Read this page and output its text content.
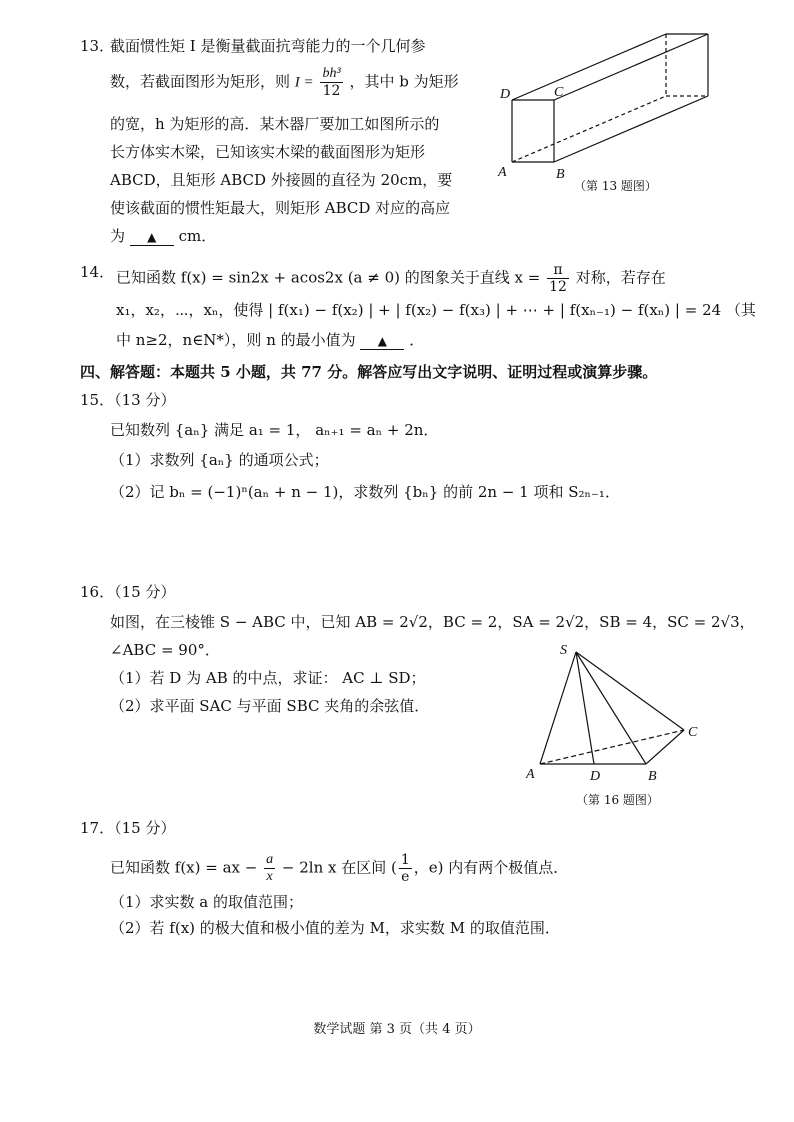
13．
截面惯性矩 I 是衡量截面抗弯能力的一个几何参
数，若截面图形为矩形，则 $I = \frac{\text{bh³}}{12}$ ，其中 b 为矩形
的宽，h 为矩形的高．某木器厂要加工如图所示的
长方体实木梁，已知该实木梁的截面图形为矩形
ABCD，且矩形 ABCD 外接圆的直径为 20cm，要
使该截面的惯性矩最大，则矩形 ABCD 对应的高应
为 ▲ cm．
D	C
A	B
（第 13 题图）
14． 已知函数 f(x) = sin2x + acos2x (a ≠ 0) 的图象关于直线 $x = \frac{\pi}{12}$ 对称，若存在
x₁，x₂，⋯，xₙ，使得 | f(x₁) − f(x₂) | + | f(x₂) − f(x₃) | + ⋯ + | f(xₙ₋₁) − f(xₙ) | = 24 （其
中 n≥2，n∈N*），则 n 的最小值为 ▲ ．
四、解答题：本题共 5 小题，共 77 分。解答应写出文字说明、证明过程或演算步骤。
15．（13 分）
已知数列 {aₙ} 满足 a₁ = 1， aₙ₊₁ = aₙ + 2n．
（1）求数列 {aₙ} 的通项公式；
（2）记 bₙ = (−1)ⁿ(aₙ + n − 1)，求数列 {bₙ} 的前 2n − 1 项和 S₂ₙ₋₁．
16．（15 分）
如图，在三棱锥 S − ABC 中，已知 AB = 2√2，BC = 2，SA = 2√2，SB = 4，SC = 2√3，
∠ABC = 90°．
（1）若 D 为 AB 的中点，求证： AC ⊥ SD；
（2）求平面 SAC 与平面 SBC 夹角的余弦值．
S
A	D	B
C
（第 16 题图）
17．（15 分）
已知函数 f(x) = ax − $\frac{a}{x} - 2\ln$ x 在区间 ( $\frac{1}{e}$ ，e) 内有两个极值点．
（1）求实数 a 的取值范围；
（2）若 f(x) 的极大值和极小值的差为 M，求实数 M 的取值范围．
数学试题 第 3 页（共 4 页）
